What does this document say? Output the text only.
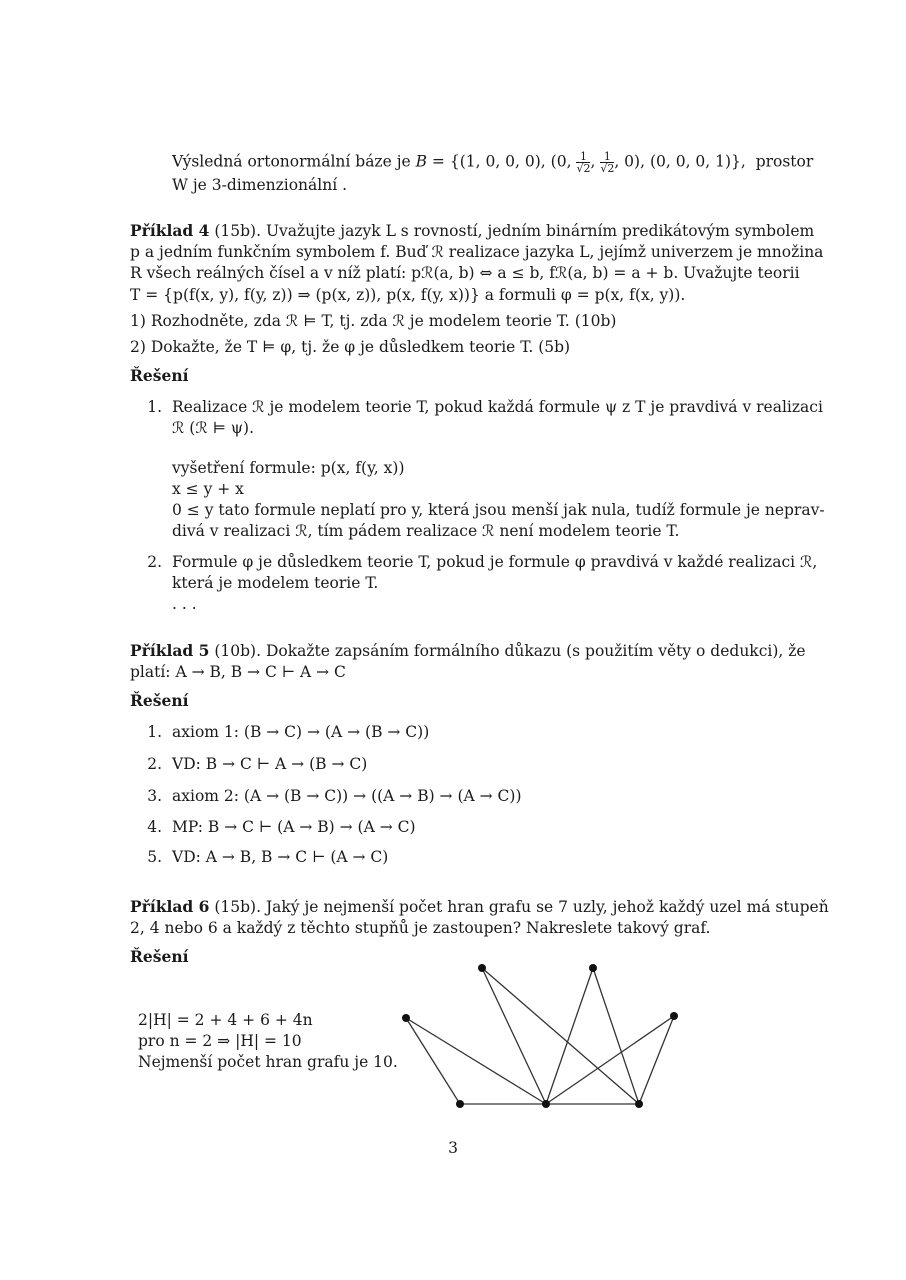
Výsledná ortonormální báze je B = {(1, 0, 0, 0), (0, $\frac{1}{√2}$ , $\frac{1}{√2}$ , 0), (0, 0, 0, 1)},  prostor
W je 3-dimenzionální .
Příklad 4 (15b). Uvažujte jazyk L s rovností, jedním binárním predikátovým symbolem
p a jedním funkčním symbolem f. Buď ℛ realizace jazyka L, jejímž univerzem je množina
R všech reálných čísel a v níž platí: pℛ(a, b) ⇔ a ≤ b, fℛ(a, b) = a + b. Uvažujte teorii
T = {p(f(x, y), f(y, z)) ⇒ (p(x, z)), p(x, f(y, x))} a formuli φ = p(x, f(x, y)).
1) Rozhodněte, zda ℛ ⊨ T, tj. zda ℛ je modelem teorie T. (10b)
2) Dokažte, že T ⊨ φ, tj. že φ je důsledkem teorie T. (5b)
Řešení
1. Realizace ℛ je modelem teorie T, pokud každá formule ψ z T je pravdivá v realizaci
ℛ (ℛ ⊨ ψ).
vyšetření formule: p(x, f(y, x))
x ≤ y + x
0 ≤ y tato formule neplatí pro y, která jsou menší jak nula, tudíž formule je neprav-
divá v realizaci ℛ, tím pádem realizace ℛ není modelem teorie T.
2. Formule φ je důsledkem teorie T, pokud je formule φ pravdivá v každé realizaci ℛ,
která je modelem teorie T.
. . .
Příklad 5 (10b). Dokažte zapsáním formálního důkazu (s použitím věty o dedukci), že
platí: A → B, B → C ⊢ A → C
Řešení
1. axiom 1: (B → C) → (A → (B → C))
2. VD: B → C ⊢ A → (B → C)
3. axiom 2: (A → (B → C)) → ((A → B) → (A → C))
4. MP: B → C ⊢ (A → B) → (A → C)
5. VD: A → B, B → C ⊢ (A → C)
Příklad 6 (15b). Jaký je nejmenší počet hran grafu se 7 uzly, jehož každý uzel má stupeň
2, 4 nebo 6 a každý z těchto stupňů je zastoupen? Nakreslete takový graf.
Řešení
2|H| = 2 + 4 + 6 + 4n
pro n = 2 ⇒ |H| = 10
Nejmenší počet hran grafu je 10.
3
